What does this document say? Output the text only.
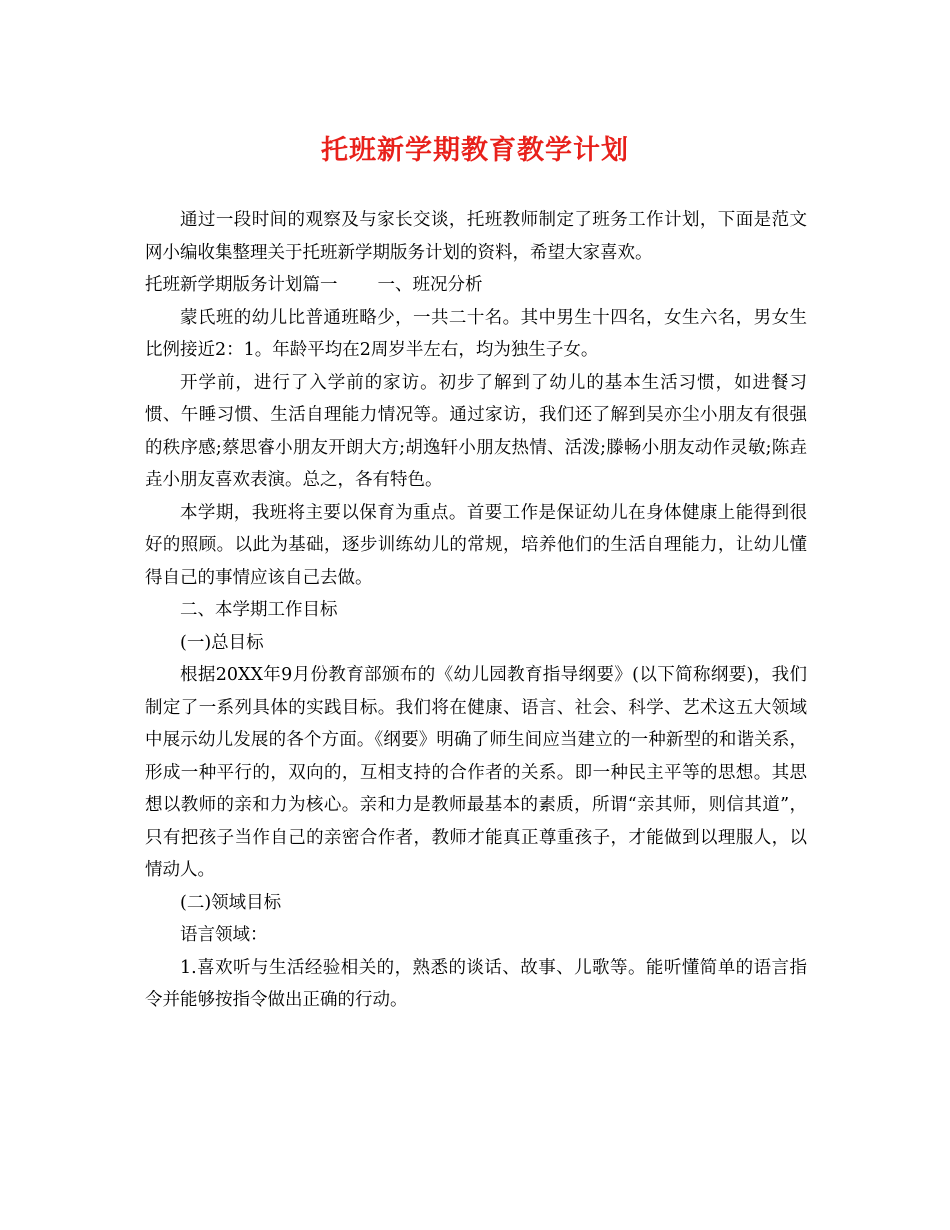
托班新学期教育教学计划

通过一段时间的观察及与家长交谈，托班教师制定了班务工作计划，下面是范文网小编收集整理关于托班新学期版务计划的资料，希望大家喜欢。

托班新学期版务计划篇一 一、班况分析

蒙氏班的幼儿比普通班略少，一共二十名。其中男生十四名，女生六名，男女生比例接近2：1。年龄平均在2周岁半左右，均为独生子女。

开学前，进行了入学前的家访。初步了解到了幼儿的基本生活习惯，如进餐习惯、午睡习惯、生活自理能力情况等。通过家访，我们还了解到吴亦尘小朋友有很强的秩序感;蔡思睿小朋友开朗大方;胡逸轩小朋友热情、活泼;滕畅小朋友动作灵敏;陈垚垚小朋友喜欢表演。总之，各有特色。

本学期，我班将主要以保育为重点。首要工作是保证幼儿在身体健康上能得到很好的照顾。以此为基础，逐步训练幼儿的常规，培养他们的生活自理能力，让幼儿懂得自己的事情应该自己去做。

二、本学期工作目标

(一)总目标

根据20XX年9月份教育部颁布的《幼儿园教育指导纲要》(以下简称纲要)，我们制定了一系列具体的实践目标。我们将在健康、语言、社会、科学、艺术这五大领域中展示幼儿发展的各个方面。《纲要》明确了师生间应当建立的一种新型的和谐关系，形成一种平行的，双向的，互相支持的合作者的关系。即一种民主平等的思想。其思想以教师的亲和力为核心。亲和力是教师最基本的素质，所谓“亲其师，则信其道”，只有把孩子当作自己的亲密合作者，教师才能真正尊重孩子，才能做到以理服人，以情动人。

(二)领域目标

语言领域：

1.喜欢听与生活经验相关的，熟悉的谈话、故事、儿歌等。能听懂简单的语言指令并能够按指令做出正确的行动。
